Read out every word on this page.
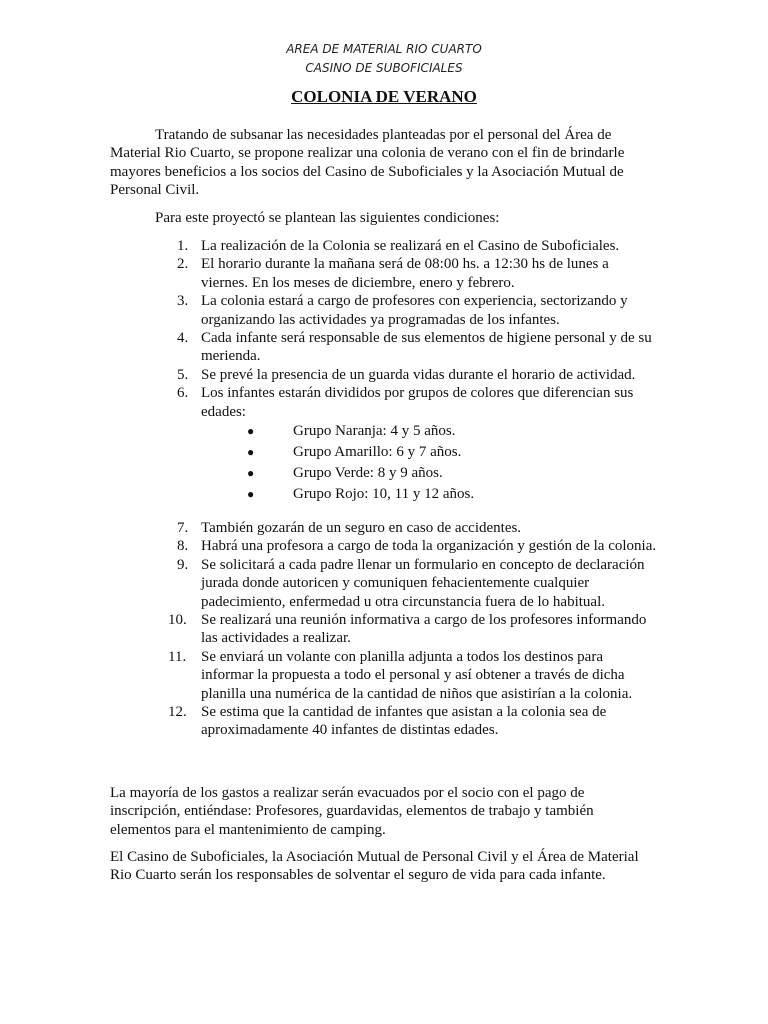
AREA DE MATERIAL RIO CUARTO
CASINO DE SUBOFICIALES
COLONIA DE VERANO

Tratando de subsanar las necesidades planteadas por el personal del Área de Material Rio Cuarto, se propone realizar una colonia de verano con el fin de brindarle mayores beneficios a los socios del Casino de Suboficiales y la Asociación Mutual de Personal Civil.

Para este proyectó se plantean las siguientes condiciones:

1. La realización de la Colonia se realizará en el Casino de Suboficiales.
2. El horario durante la mañana será de 08:00 hs. a 12:30 hs de lunes a viernes. En los meses de diciembre, enero y febrero.
3. La colonia estará a cargo de profesores con experiencia, sectorizando y organizando las actividades ya programadas de los infantes.
4. Cada infante será responsable de sus elementos de higiene personal y de su merienda.
5. Se prevé la presencia de un guarda vidas durante el horario de actividad.
6. Los infantes estarán divididos por grupos de colores que diferencian sus edades:
●	Grupo Naranja: 4 y 5 años.
●	Grupo Amarillo: 6 y 7 años.
●	Grupo Verde: 8 y 9 años.
●	Grupo Rojo: 10, 11 y 12 años.
7. También gozarán de un seguro en caso de accidentes.
8. Habrá una profesora a cargo de toda la organización y gestión de la colonia.
9. Se solicitará a cada padre llenar un formulario en concepto de declaración jurada donde autoricen y comuniquen fehacientemente cualquier padecimiento, enfermedad u otra circunstancia fuera de lo habitual.
10. Se realizará una reunión informativa a cargo de los profesores informando las actividades a realizar.
11. Se enviará un volante con planilla adjunta a todos los destinos para informar la propuesta a todo el personal y así obtener a través de dicha planilla una numérica de la cantidad de niños que asistirían a la colonia.
12. Se estima que la cantidad de infantes que asistan a la colonia sea de aproximadamente 40 infantes de distintas edades.

La mayoría de los gastos a realizar serán evacuados por el socio con el pago de inscripción, entiéndase: Profesores, guardavidas, elementos de trabajo y también elementos para el mantenimiento de camping.

El Casino de Suboficiales, la Asociación Mutual de Personal Civil y el Área de Material Rio Cuarto serán los responsables de solventar el seguro de vida para cada infante.
